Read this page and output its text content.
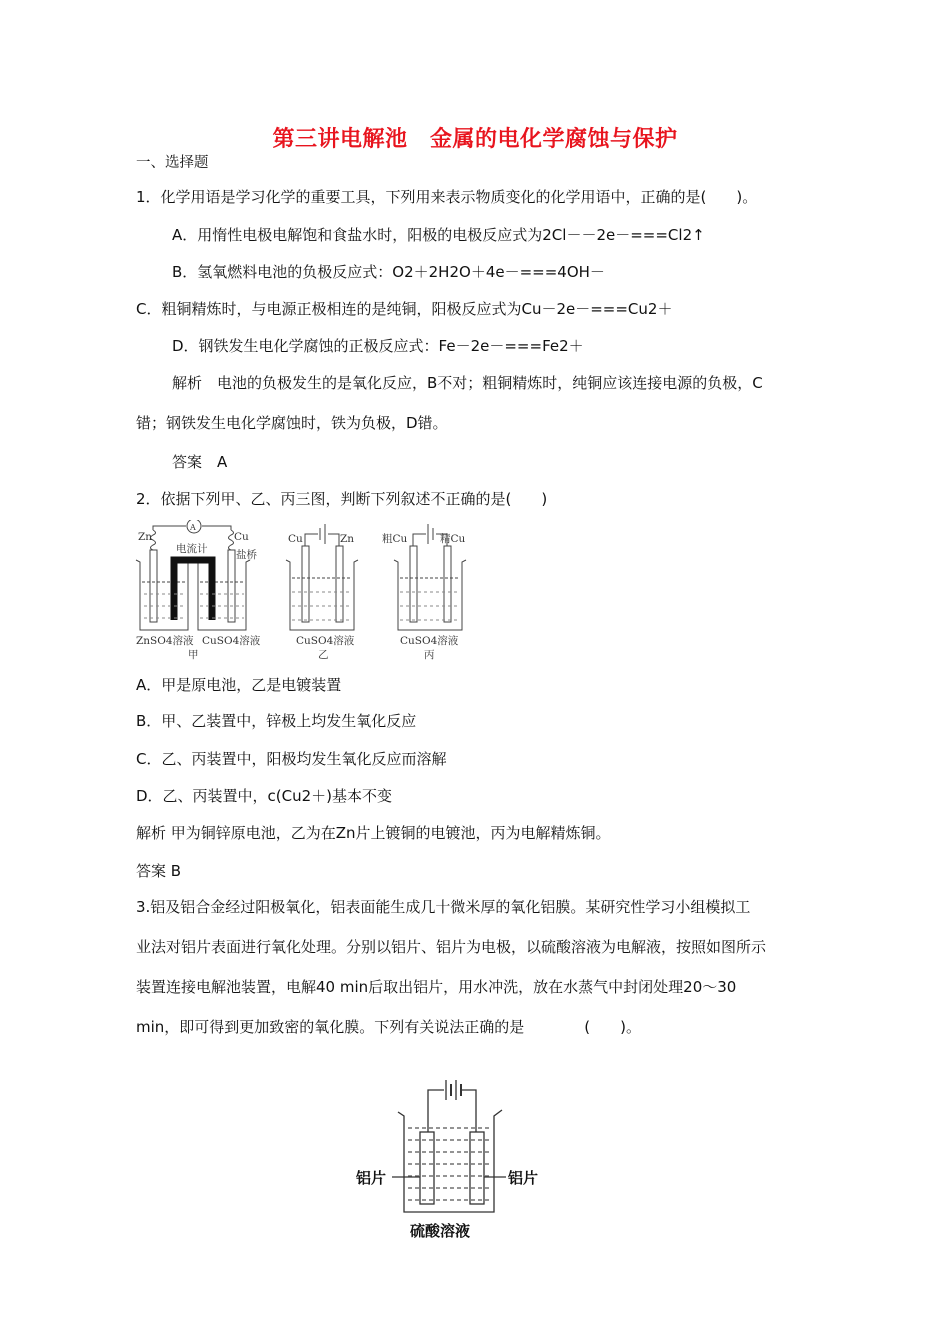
第三讲电解池　金属的电化学腐蚀与保护
一、选择题
1．化学用语是学习化学的重要工具，下列用来表示物质变化的化学用语中，正确的是(　　)。
A．用惰性电极电解饱和食盐水时，阳极的电极反应式为2Cl－－2e－===Cl2↑
B．氢氧燃料电池的负极反应式：O2＋2H2O＋4e－===4OH－
C．粗铜精炼时，与电源正极相连的是纯铜，阳极反应式为Cu－2e－===Cu2＋
D．钢铁发生电化学腐蚀的正极反应式：Fe－2e－===Fe2＋
解析　电池的负极发生的是氧化反应，B不对；粗铜精炼时，纯铜应该连接电源的负极，C
错；钢铁发生电化学腐蚀时，铁为负极，D错。
答案　A
2．依据下列甲、乙、丙三图，判断下列叙述不正确的是(　　)
Zn	Cu
A
电流计	盐桥
ZnSO4溶液 CuSO4溶液
甲
Cu	Zn
CuSO4溶液
乙
粗Cu	精Cu
CuSO4溶液
丙
A．甲是原电池，乙是电镀装置
B．甲、乙装置中，锌极上均发生氧化反应
C．乙、丙装置中，阳极均发生氧化反应而溶解
D．乙、丙装置中，c(Cu2＋)基本不变
解析 甲为铜锌原电池，乙为在Zn片上镀铜的电镀池，丙为电解精炼铜。
答案 B
3.铝及铝合金经过阳极氧化，铝表面能生成几十微米厚的氧化铝膜。某研究性学习小组模拟工
业法对铝片表面进行氧化处理。分别以铝片、铝片为电极，以硫酸溶液为电解液，按照如图所示
装置连接电解池装置，电解40 min后取出铝片，用水冲洗，放在水蒸气中封闭处理20～30
min，即可得到更加致密的氧化膜。下列有关说法正确的是　　　　(　　)。
铝片	铝片
硫酸溶液
